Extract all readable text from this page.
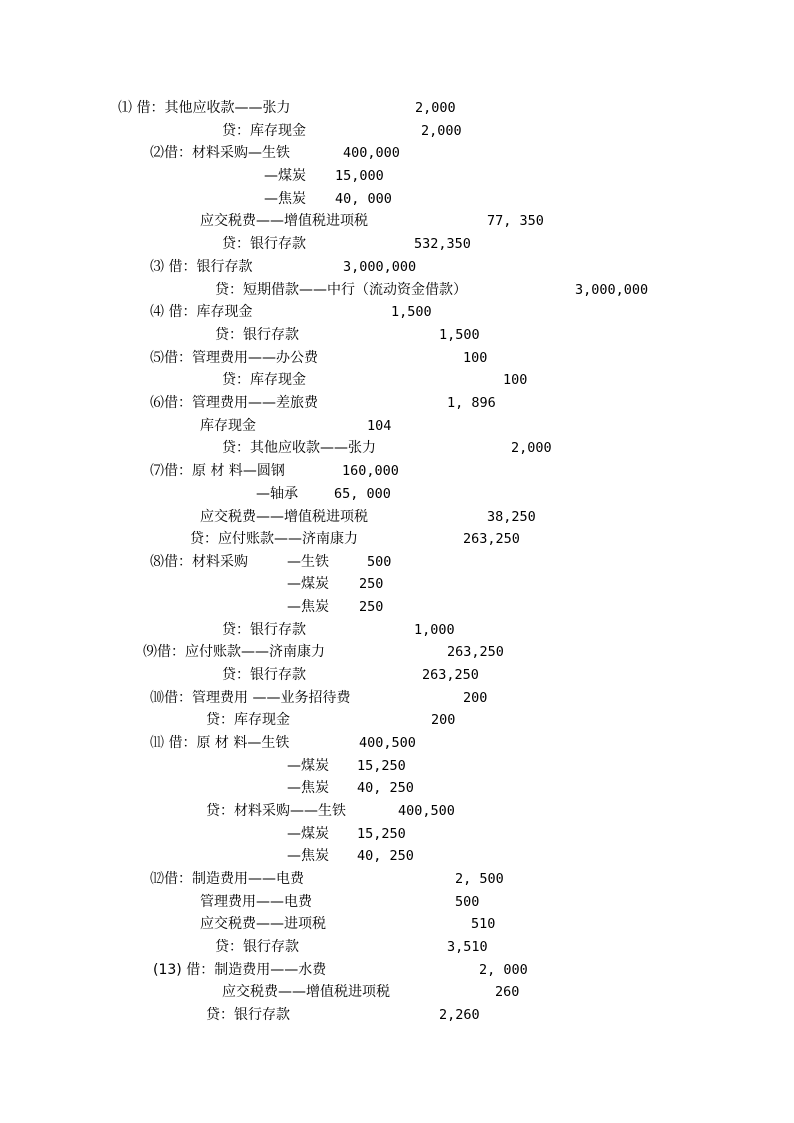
⑴ 借：其他应收款——张力	2,000
贷：库存现金	2,000
⑵借：材料采购—生铁	400,000
—煤炭 15,000
—焦炭 40, 000
应交税费——增值税进项税	77, 350
贷：银行存款	532,350
⑶ 借：银行存款	3,000,000
贷：短期借款——中行（流动资金借款）	3,000,000
⑷ 借：库存现金	1,500
贷：银行存款	1,500
⑸借：管理费用——办公费	100
贷：库存现金	100
⑹借：管理费用——差旅费	1, 896
库存现金	104
贷：其他应收款——张力	2,000
⑺借：原 材 料—圆钢	160,000
—轴承	65, 000
应交税费——增值税进项税	38,250
贷：应付账款——济南康力	263,250
⑻借：材料采购	—生铁	500
—煤炭 250
—焦炭 250
贷：银行存款	1,000
⑼借：应付账款——济南康力	263,250
贷：银行存款	263,250
⑽借：管理费用 ——业务招待费	200
贷：库存现金	200
⑾ 借：原 材 料—生铁	400,500
—煤炭 15,250
—焦炭 40, 250
贷：材料采购——生铁	400,500
—煤炭 15,250
—焦炭 40, 250
⑿借：制造费用——电费	2, 500
管理费用——电费	500
应交税费——进项税	510
贷：银行存款	3,510
(13) 借：制造费用——水费	2, 000
应交税费——增值税进项税	260
贷：银行存款	2,260
